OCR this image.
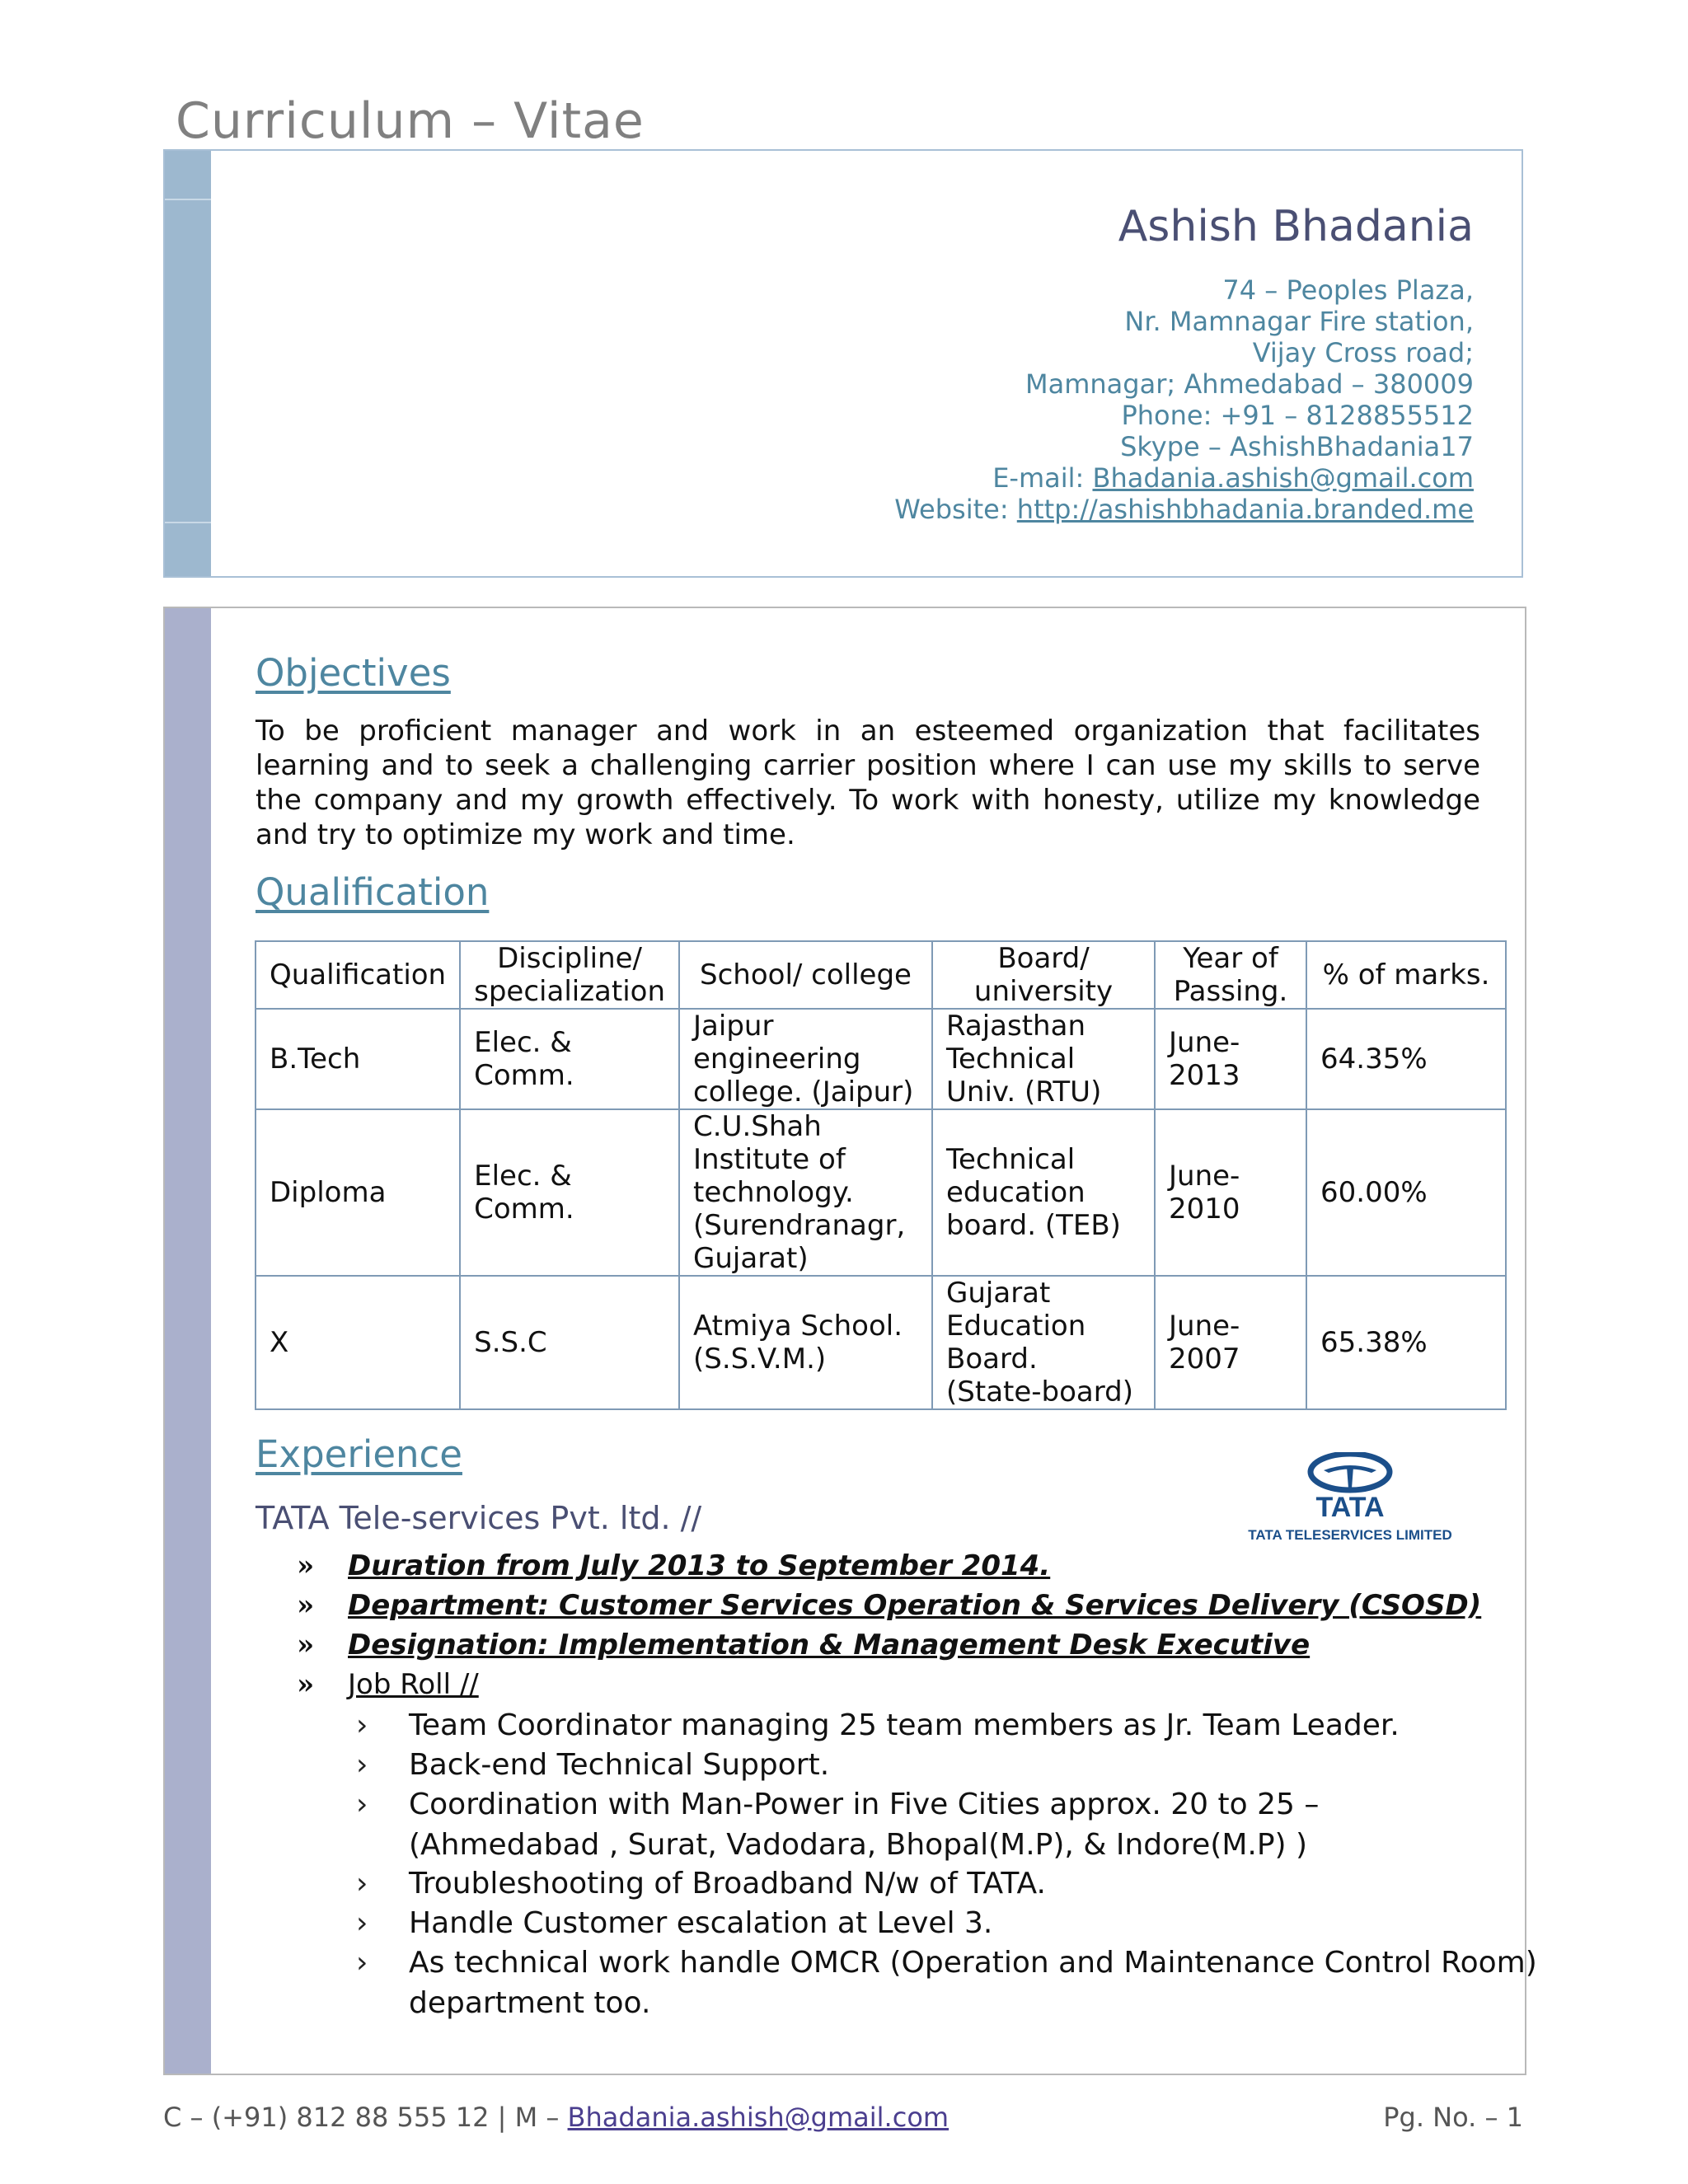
Curriculum – Vitae
Ashish Bhadania
74 – Peoples Plaza,
Nr. Mamnagar Fire station,
Vijay Cross road;
Mamnagar; Ahmedabad – 380009
Phone: +91 – 8128855512
Skype – AshishBhadania17
E-mail: Bhadania.ashish@gmail.com
Website: http://ashishbhadania.branded.me
Objectives
To be proficient manager and work in an esteemed organization that facilitates learning and to seek a challenging carrier position where I can use my skills to serve the company and my growth effectively. To work with honesty, utilize my knowledge and try to optimize my work and time.
Qualification
Qualification	Discipline/ specialization	School/ college	Board/ university	Year of Passing.	% of marks.
B.Tech	Elec. & Comm.	Jaipur engineering college. (Jaipur)	Rajasthan Technical Univ. (RTU)	June-2013	64.35%
Diploma	Elec. & Comm.	C.U.Shah Institute of technology. (Surendranagr, Gujarat)	Technical education board. (TEB)	June-2010	60.00%
X	S.S.C	Atmiya School. (S.S.V.M.)	Gujarat Education Board. (State-board)	June-2007	65.38%
Experience
TATA Tele-services Pvt. ltd. //	TATA
TATA TELESERVICES LIMITED
» Duration from July 2013 to September 2014.
» Department: Customer Services Operation & Services Delivery (CSOSD)
» Designation: Implementation & Management Desk Executive
» Job Roll //
› Team Coordinator managing 25 team members as Jr. Team Leader.
› Back-end Technical Support.
› Coordination with Man-Power in Five Cities approx. 20 to 25 –
(Ahmedabad , Surat, Vadodara, Bhopal(M.P), & Indore(M.P) )
› Troubleshooting of Broadband N/w of TATA.
› Handle Customer escalation at Level 3.
› As technical work handle OMCR (Operation and Maintenance Control Room)
department too.
C – (+91) 812 88 555 12 | M – Bhadania.ashish@gmail.com	Pg. No. – 1
